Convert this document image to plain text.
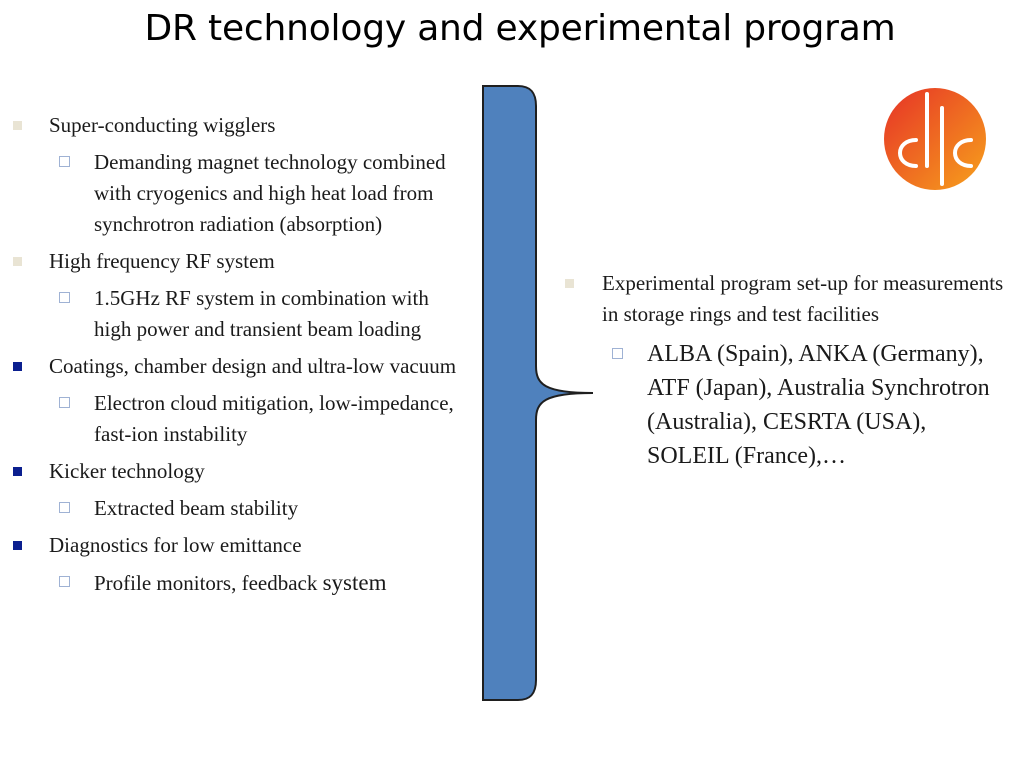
DR technology and experimental program
Super-conducting wigglers
Demanding magnet technology combined with cryogenics and high heat load from synchrotron radiation (absorption)
High frequency RF system
1.5GHz RF system in combination with high power and transient beam loading
Coatings, chamber design and ultra-low vacuum
Electron cloud mitigation, low-impedance, fast-ion instability
Kicker technology
Extracted beam stability
Diagnostics for low emittance
Profile monitors, feedback system
Experimental program set-up for measurements in storage rings and test facilities
ALBA (Spain), ANKA (Germany), ATF (Japan), Australia Synchrotron (Australia), CESRTA (USA), SOLEIL (France),…
